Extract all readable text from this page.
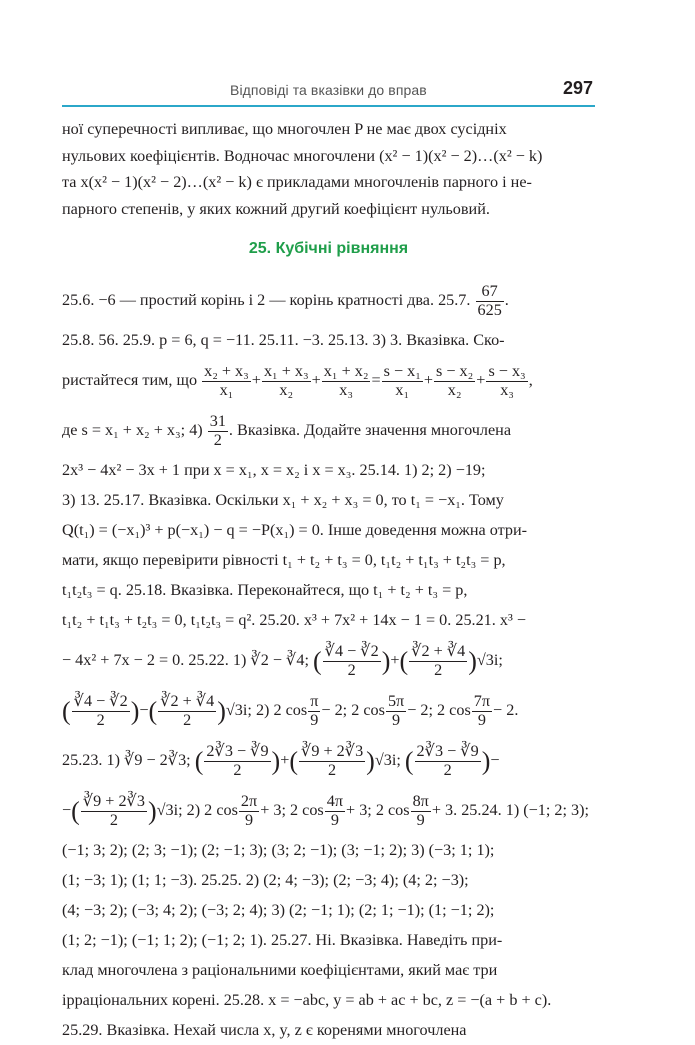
Відповіді та вказівки до вправ	297
ної суперечності випливає, що многочлен P не має двох сусідніх
нульових коефіцієнтів. Водночас многочлени (x² − 1)(x² − 2)…(x² − k)
та x(x² − 1)(x² − 2)…(x² − k) є прикладами многочленів парного і не-
парного степенів, у яких кожний другий коефіцієнт нульовий.
25. Кубічні рівняння
25.6. −6 — простий корінь і 2 — корінь кратності два. 25.7. $\frac{67}{625}$ .
25.8. 56. 25.9. p = 6, q = −11. 25.11. −3. 25.13. 3) 3. Вказівка. Ско-
ристайтеся тим, що $\frac{\text{x₂ + x₃}}{\text{x₁}} + \frac{\text{x₁ + x₃}}{\text{x₂}} + \frac{\text{x₁ + x₂}}{\text{x₃}} = \frac{\text{s − x₁}}{\text{x₁}} + \frac{\text{s − x₂}}{\text{x₂}} + \frac{\text{s − x₃}}{\text{x₃}}$ ,
де s = x₁ + x₂ + x₃; $4) \frac{31}{2}$ . Вказівка. Додайте значення многочлена
2x³ − 4x² − 3x + 1 при x = x₁, x = x₂ і x = x₃. 25.14. 1) 2; 2) −19;
3) 13. 25.17. Вказівка. Оскільки x₁ + x₂ + x₃ = 0, то t₁ = −x₁. Тому
Q(t₁) = (−x₁)³ + p(−x₁) − q = −P(x₁) = 0. Інше доведення можна отри-
мати, якщо перевірити рівності t₁ + t₂ + t₃ = 0, t₁t₂ + t₁t₃ + t₂t₃ = p,
t₁t₂t₃ = q. 25.18. Вказівка. Переконайтеся, що t₁ + t₂ + t₃ = p,
t₁t₂ + t₁t₃ + t₂t₃ = 0, t₁t₂t₃ = q². 25.20. x³ + 7x² + 14x − 1 = 0. 25.21. x³ −
− 4x² + 7x − 2 = 0. 25.22. 1) ∛2 − ∛4; ( $\frac{∛4 - ∛2}{2}$ )+( $\frac{∛2 + ∛4}{2} )√3i$;
( $\frac{∛4 - ∛2}{2}$ )−( $\frac{∛2 + ∛4}{2} )√3i$; 2) 2 $\cos \frac{\pi}{9} - 2$; 2 $\cos \frac{5\pi}{9} - 2$; 2 $\cos \frac{7\pi}{9} - 2$.
25.23. 1) ∛9 − 2∛3; ( $\frac{2∛3 - ∛9}{2}$ )+( $\frac{∛9 + 2∛3}{2} )√3i$; ( $\frac{2∛3 - ∛9}{2}$ )−
−( $\frac{∛9 + 2∛3}{2} )√3i$; 2) 2 $\cos \frac{2\pi}{9} + 3$; 2 $\cos \frac{4\pi}{9} + 3$; 2 $\cos \frac{8\pi}{9} + 3$. 25.24. 1) (−1; 2; 3);
(−1; 3; 2); (2; 3; −1); (2; −1; 3); (3; 2; −1); (3; −1; 2); 3) (−3; 1; 1);
(1; −3; 1); (1; 1; −3). 25.25. 2) (2; 4; −3); (2; −3; 4); (4; 2; −3);
(4; −3; 2); (−3; 4; 2); (−3; 2; 4); 3) (2; −1; 1); (2; 1; −1); (1; −1; 2);
(1; 2; −1); (−1; 1; 2); (−1; 2; 1). 25.27. Ні. Вказівка. Наведіть при-
клад многочлена з раціональними коефіцієнтами, який має три
ірраціональних корені. 25.28. x = −abc, y = ab + ac + bc, z = −(a + b + c).
25.29. Вказівка. Нехай числа x, y, z є коренями многочлена
